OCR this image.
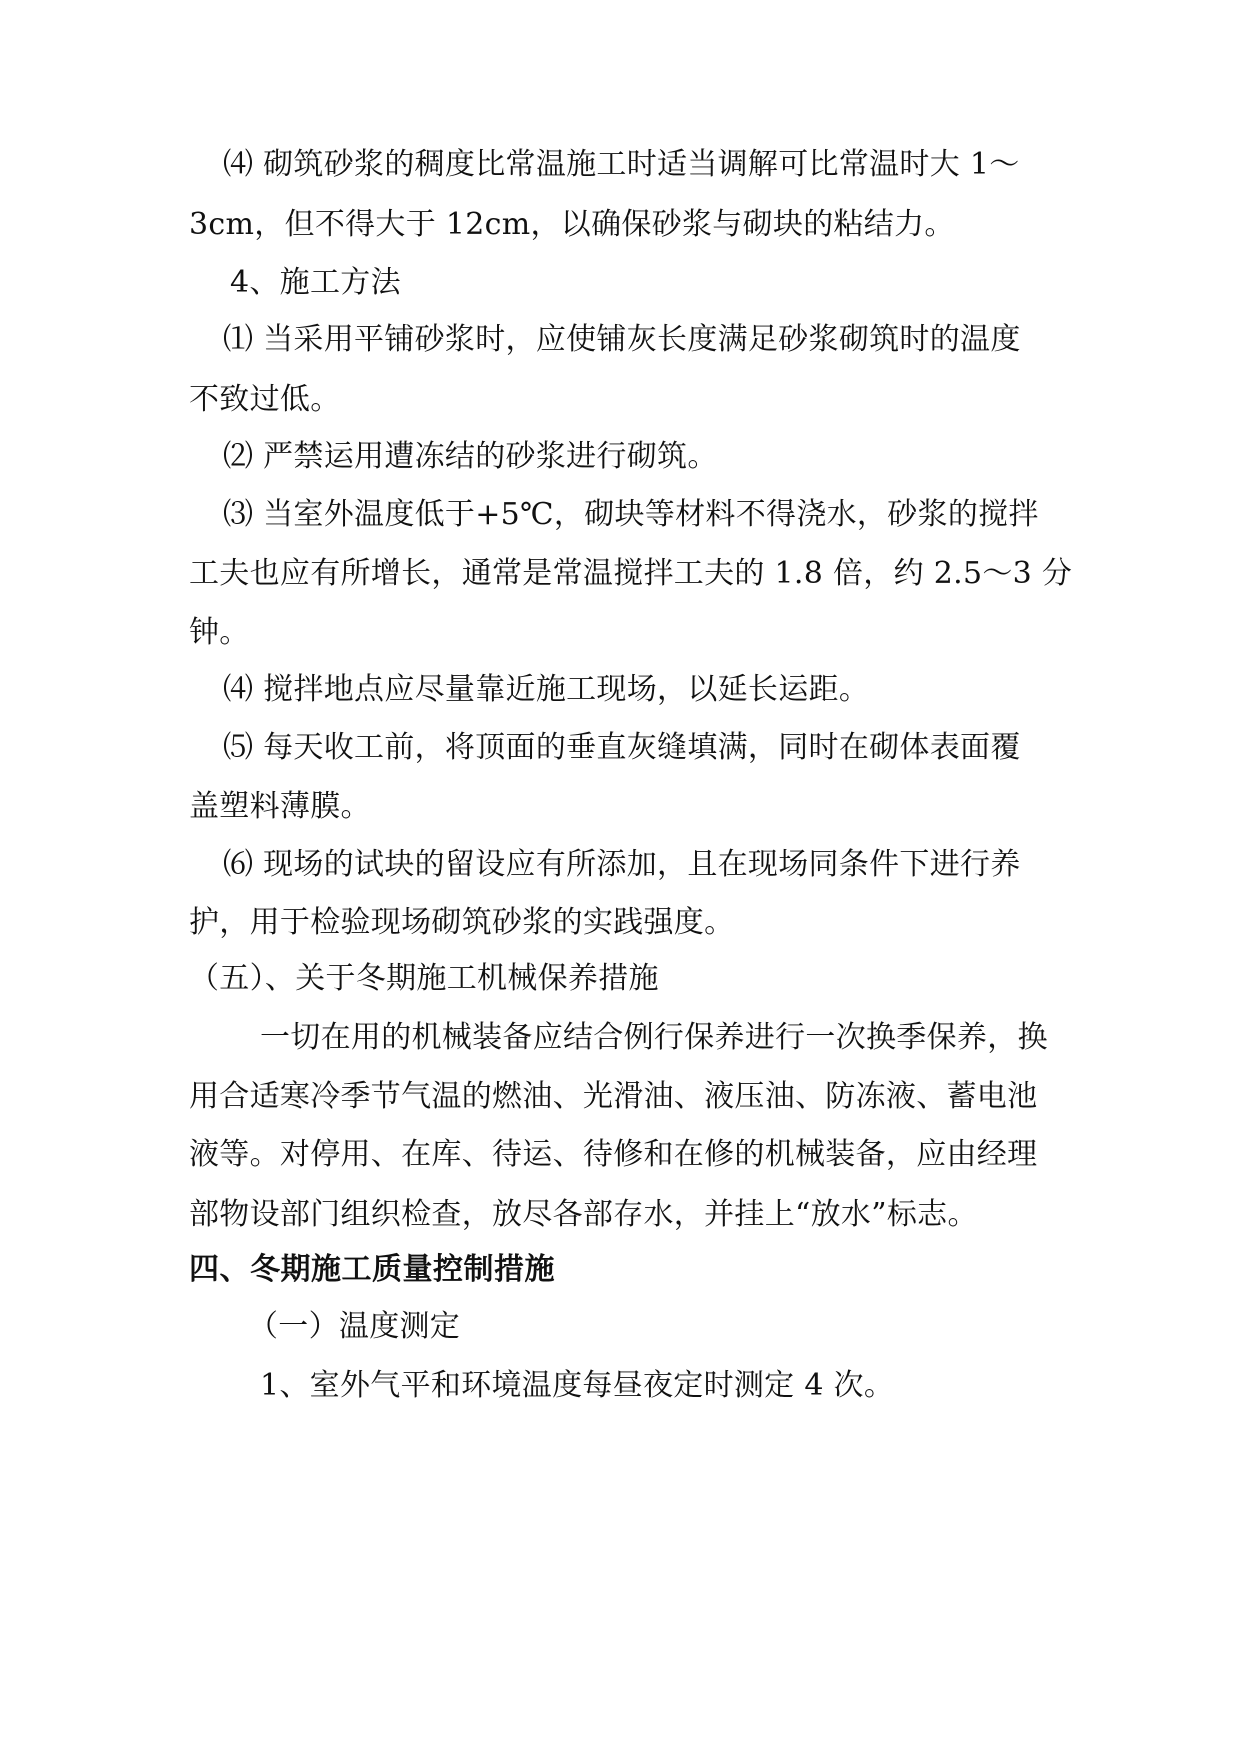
⑷ 砌筑砂浆的稠度比常温施工时适当调解可比常温时大 1～
3cm，但不得大于 12cm，以确保砂浆与砌块的粘结力。
4、施工方法
⑴ 当采用平铺砂浆时，应使铺灰长度满足砂浆砌筑时的温度
不致过低。
⑵ 严禁运用遭冻结的砂浆进行砌筑。
⑶ 当室外温度低于+5℃，砌块等材料不得浇水，砂浆的搅拌
工夫也应有所增长，通常是常温搅拌工夫的 1.8 倍，约 2.5～3 分
钟。
⑷ 搅拌地点应尽量靠近施工现场，以延长运距。
⑸ 每天收工前，将顶面的垂直灰缝填满，同时在砌体表面覆
盖塑料薄膜。
⑹ 现场的试块的留设应有所添加，且在现场同条件下进行养
护，用于检验现场砌筑砂浆的实践强度。
（五）、关于冬期施工机械保养措施
一切在用的机械装备应结合例行保养进行一次换季保养，换
用合适寒冷季节气温的燃油、光滑油、液压油、防冻液、蓄电池
液等。对停用、在库、待运、待修和在修的机械装备，应由经理
部物设部门组织检查，放尽各部存水，并挂上“放水”标志。
四、冬期施工质量控制措施
（一）温度测定
1、室外气平和环境温度每昼夜定时测定 4 次。
